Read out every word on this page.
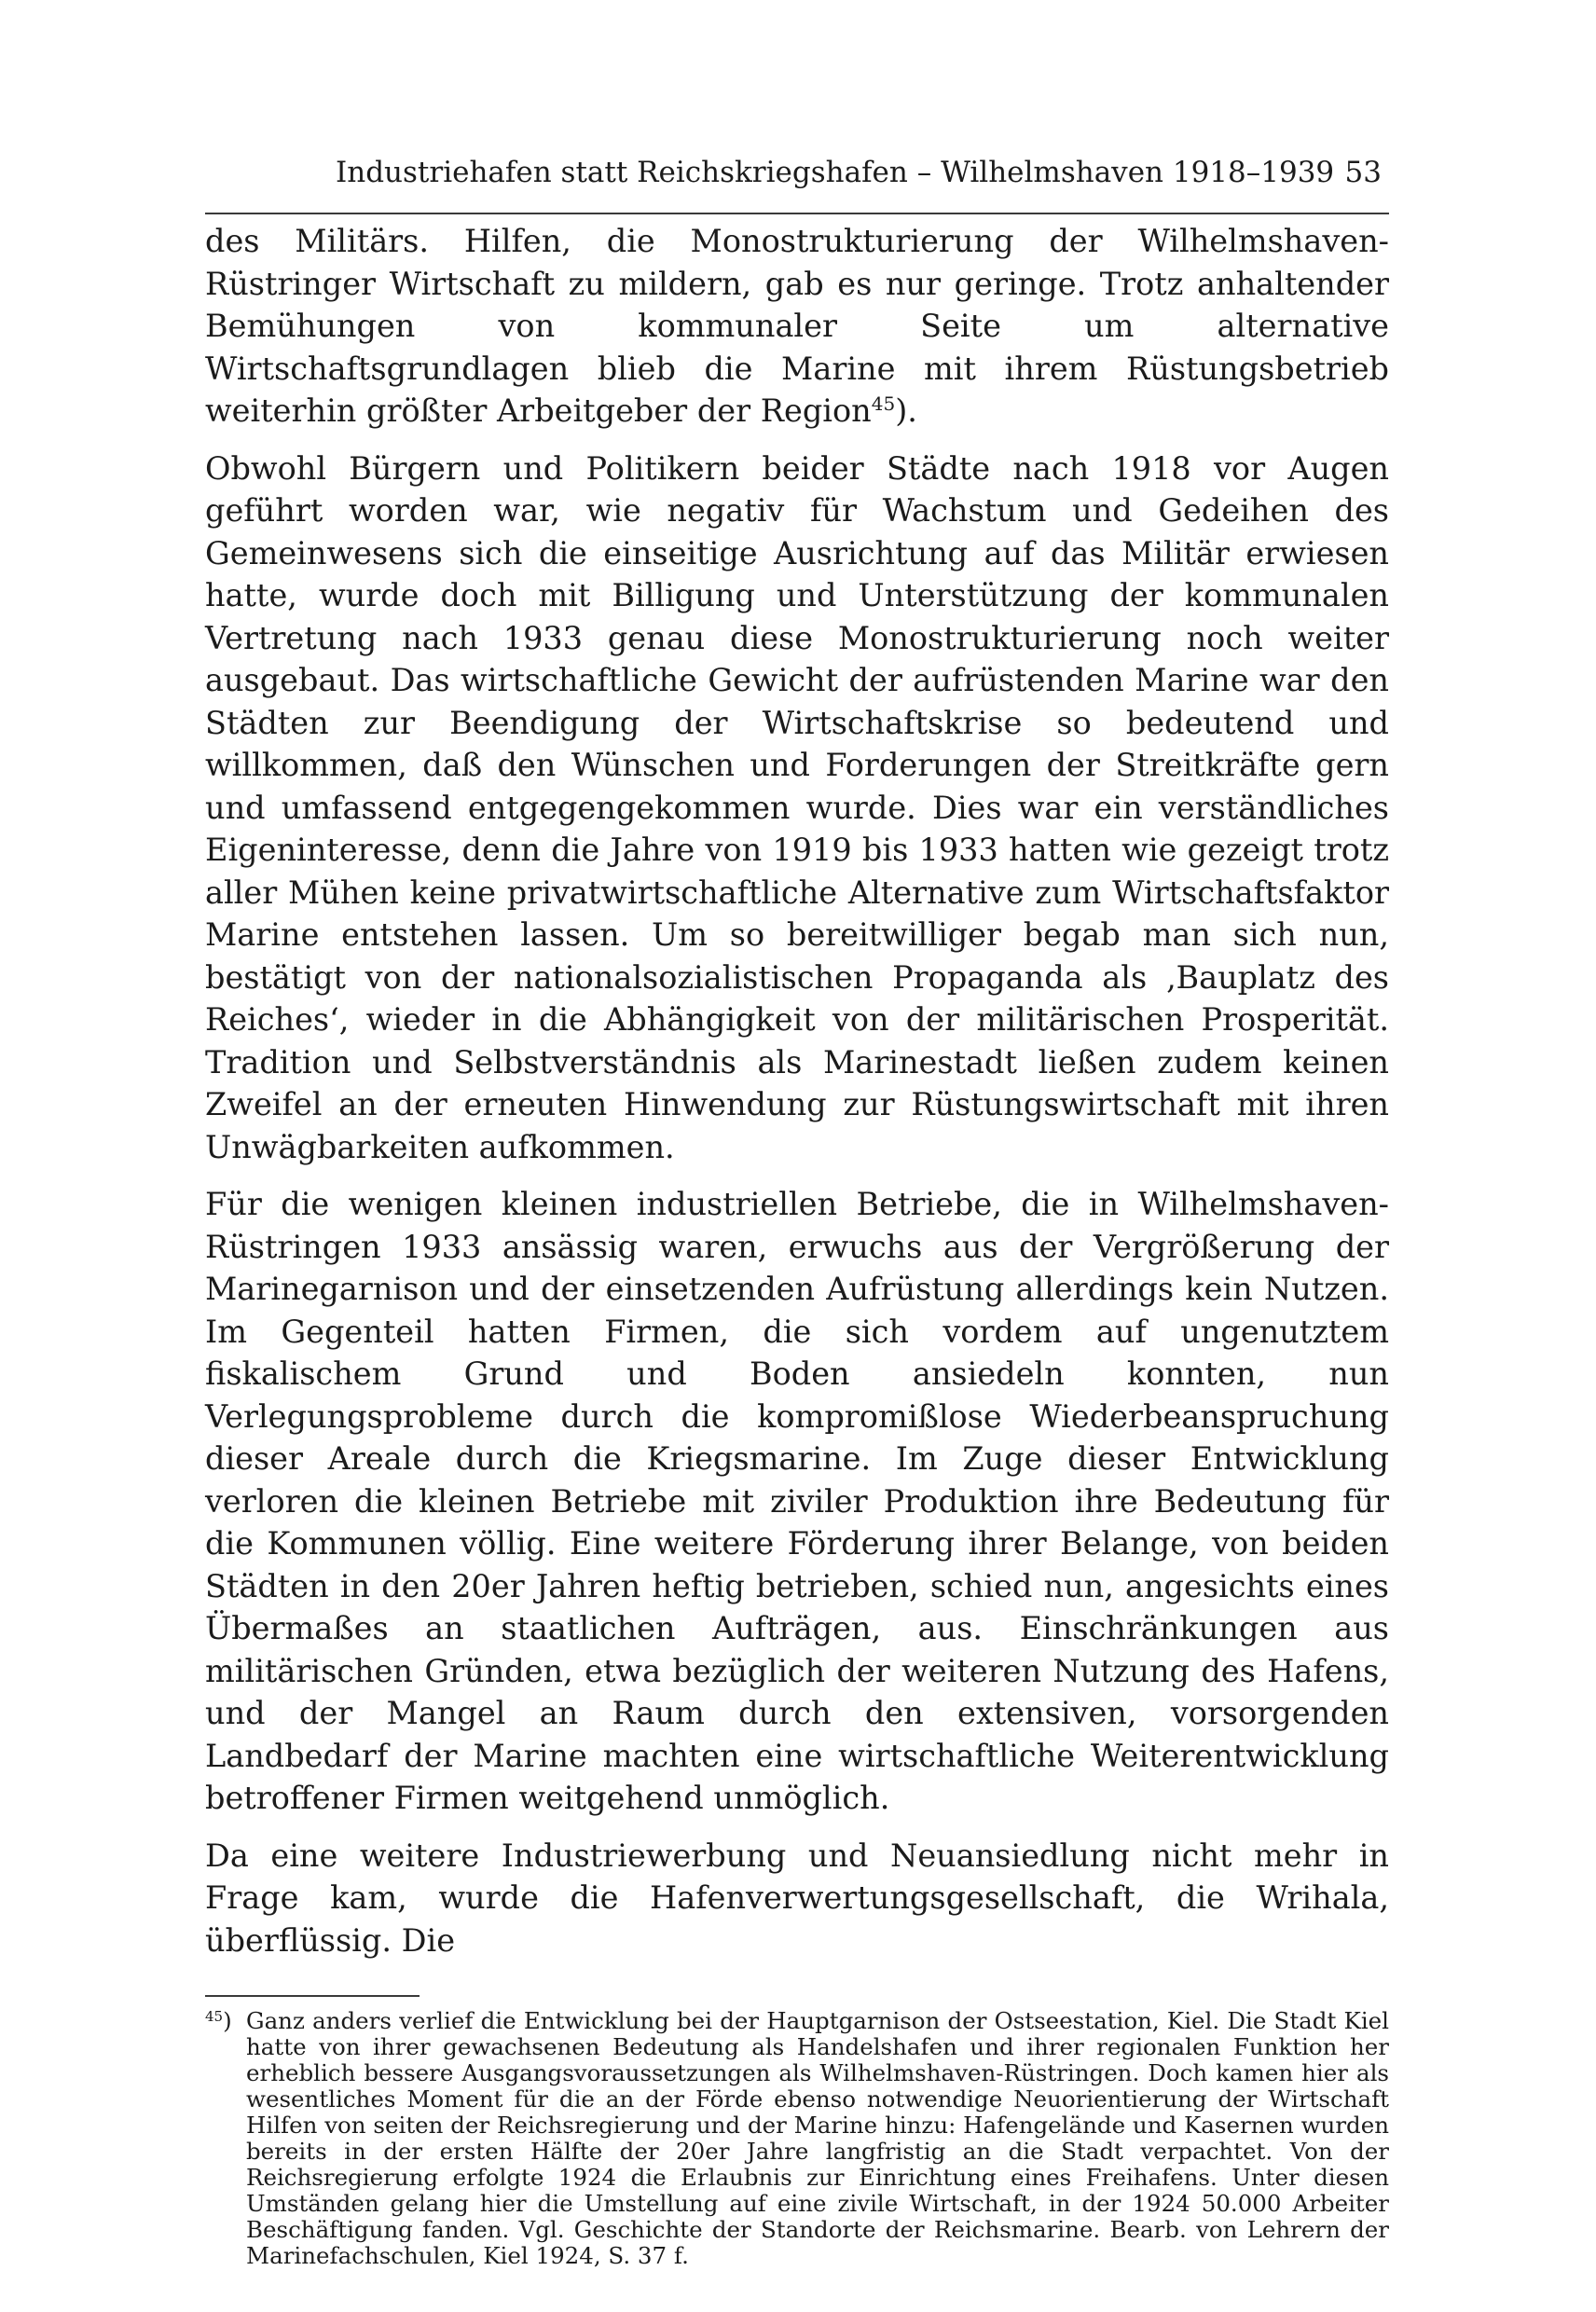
Industriehafen statt Reichskriegshafen – Wilhelmshaven 1918–1939 53

des Militärs. Hilfen, die Monostrukturierung der Wilhelmshaven-Rüstringer Wirtschaft zu mildern, gab es nur geringe. Trotz anhaltender Bemühungen von kommunaler Seite um alternative Wirtschaftsgrundlagen blieb die Marine mit ihrem Rüstungsbetrieb weiterhin größter Arbeitgeber der Region$^{45}$).

Obwohl Bürgern und Politikern beider Städte nach 1918 vor Augen geführt worden war, wie negativ für Wachstum und Gedeihen des Gemeinwesens sich die einseitige Ausrichtung auf das Militär erwiesen hatte, wurde doch mit Billigung und Unterstützung der kommunalen Vertretung nach 1933 genau diese Monostrukturierung noch weiter ausgebaut. Das wirtschaftliche Gewicht der aufrüstenden Marine war den Städten zur Beendigung der Wirtschaftskrise so bedeutend und willkommen, daß den Wünschen und Forderungen der Streitkräfte gern und umfassend entgegengekommen wurde. Dies war ein verständliches Eigeninteresse, denn die Jahre von 1919 bis 1933 hatten wie gezeigt trotz aller Mühen keine privatwirtschaftliche Alternative zum Wirtschaftsfaktor Marine entstehen lassen. Um so bereitwilliger begab man sich nun, bestätigt von der nationalsozialistischen Propaganda als ‚Bauplatz des Reiches‘, wieder in die Abhängigkeit von der militärischen Prosperität. Tradition und Selbstverständnis als Marinestadt ließen zudem keinen Zweifel an der erneuten Hinwendung zur Rüstungswirtschaft mit ihren Unwägbarkeiten aufkommen.

Für die wenigen kleinen industriellen Betriebe, die in Wilhelmshaven-Rüstringen 1933 ansässig waren, erwuchs aus der Vergrößerung der Marinegarnison und der einsetzenden Aufrüstung allerdings kein Nutzen. Im Gegenteil hatten Firmen, die sich vordem auf ungenutztem fiskalischem Grund und Boden ansiedeln konnten, nun Verlegungsprobleme durch die kompromißlose Wiederbeanspruchung dieser Areale durch die Kriegsmarine. Im Zuge dieser Entwicklung verloren die kleinen Betriebe mit ziviler Produktion ihre Bedeutung für die Kommunen völlig. Eine weitere Förderung ihrer Belange, von beiden Städten in den 20er Jahren heftig betrieben, schied nun, angesichts eines Übermaßes an staatlichen Aufträgen, aus. Einschränkungen aus militärischen Gründen, etwa bezüglich der weiteren Nutzung des Hafens, und der Mangel an Raum durch den extensiven, vorsorgenden Landbedarf der Marine machten eine wirtschaftliche Weiterentwicklung betroffener Firmen weitgehend unmöglich.

Da eine weitere Industriewerbung und Neuansiedlung nicht mehr in Frage kam, wurde die Hafenverwertungsgesellschaft, die Wrihala, überflüssig. Die

$^{45}$) Ganz anders verlief die Entwicklung bei der Hauptgarnison der Ostseestation, Kiel. Die Stadt Kiel hatte von ihrer gewachsenen Bedeutung als Handelshafen und ihrer regionalen Funktion her erheblich bessere Ausgangsvoraussetzungen als Wilhelmshaven-Rüstringen. Doch kamen hier als wesentliches Moment für die an der Förde ebenso notwendige Neuorientierung der Wirtschaft Hilfen von seiten der Reichsregierung und der Marine hinzu: Hafengelände und Kasernen wurden bereits in der ersten Hälfte der 20er Jahre langfristig an die Stadt verpachtet. Von der Reichsregierung erfolgte 1924 die Erlaubnis zur Einrichtung eines Freihafens. Unter diesen Umständen gelang hier die Umstellung auf eine zivile Wirtschaft, in der 1924 50.000 Arbeiter Beschäftigung fanden. Vgl. Geschichte der Standorte der Reichsmarine. Bearb. von Lehrern der Marinefachschulen, Kiel 1924, S. 37 f.
